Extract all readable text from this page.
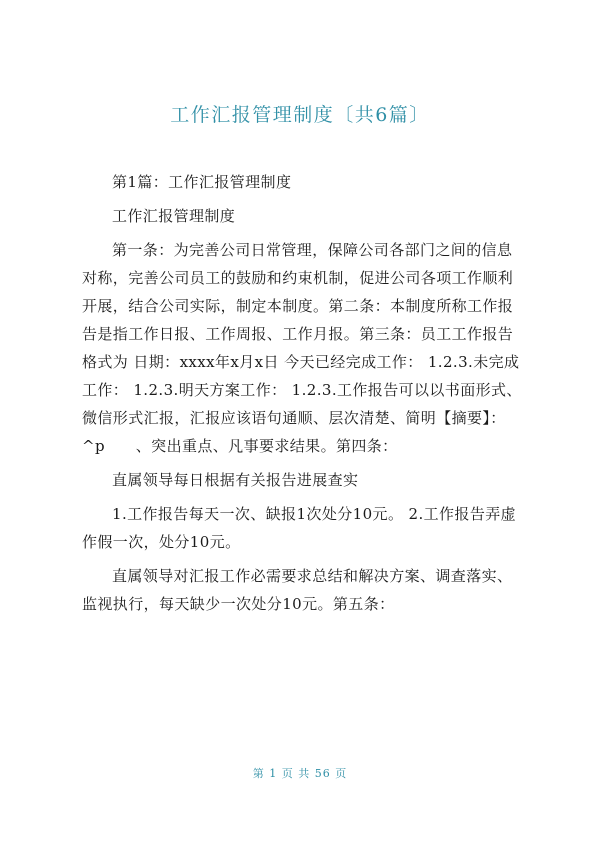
工作汇报管理制度〔共6篇〕

第1篇：工作汇报管理制度

工作汇报管理制度

第一条：为完善公司日常管理，保障公司各部门之间的信息对称，完善公司员工的鼓励和约束机制，促进公司各项工作顺利开展，结合公司实际，制定本制度。第二条：本制度所称工作报告是指工作日报、工作周报、工作月报。第三条：员工工作报告格式为 日期：xxxx年x月x日 今天已经完成工作： 1.2.3.未完成工作： 1.2.3.明天方案工作： 1.2.3.工作报告可以以书面形式、微信形式汇报，汇报应该语句通顺、层次清楚、简明【摘要】：^p　　、突出重点、凡事要求结果。第四条：

直属领导每日根据有关报告进展查实

1.工作报告每天一次、缺报1次处分10元。 2.工作报告弄虚作假一次，处分10元。

直属领导对汇报工作必需要求总结和解决方案、调查落实、监视执行，每天缺少一次处分10元。第五条：

第 1 页 共 56 页
